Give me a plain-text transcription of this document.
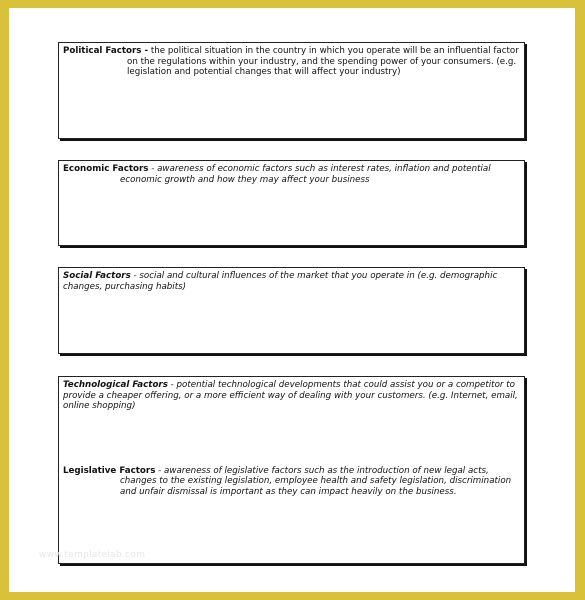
Political Factors - the political situation in the country in which you operate will be an influential factor on the regulations within your industry, and the spending power of your consumers. (e.g. legislation and potential changes that will affect your industry)

Economic Factors - awareness of economic factors such as interest rates, inflation and potential economic growth and how they may affect your business

Social Factors - social and cultural influences of the market that you operate in (e.g. demographic changes, purchasing habits)

Technological Factors - potential technological developments that could assist you or a competitor to provide a cheaper offering, or a more efficient way of dealing with your customers. (e.g. Internet, email, online shopping)

Legislative Factors - awareness of legislative factors such as the introduction of new legal acts, changes to the existing legislation, employee health and safety legislation, discrimination and unfair dismissal is important as they can impact heavily on the business.

www.templatelab.com
